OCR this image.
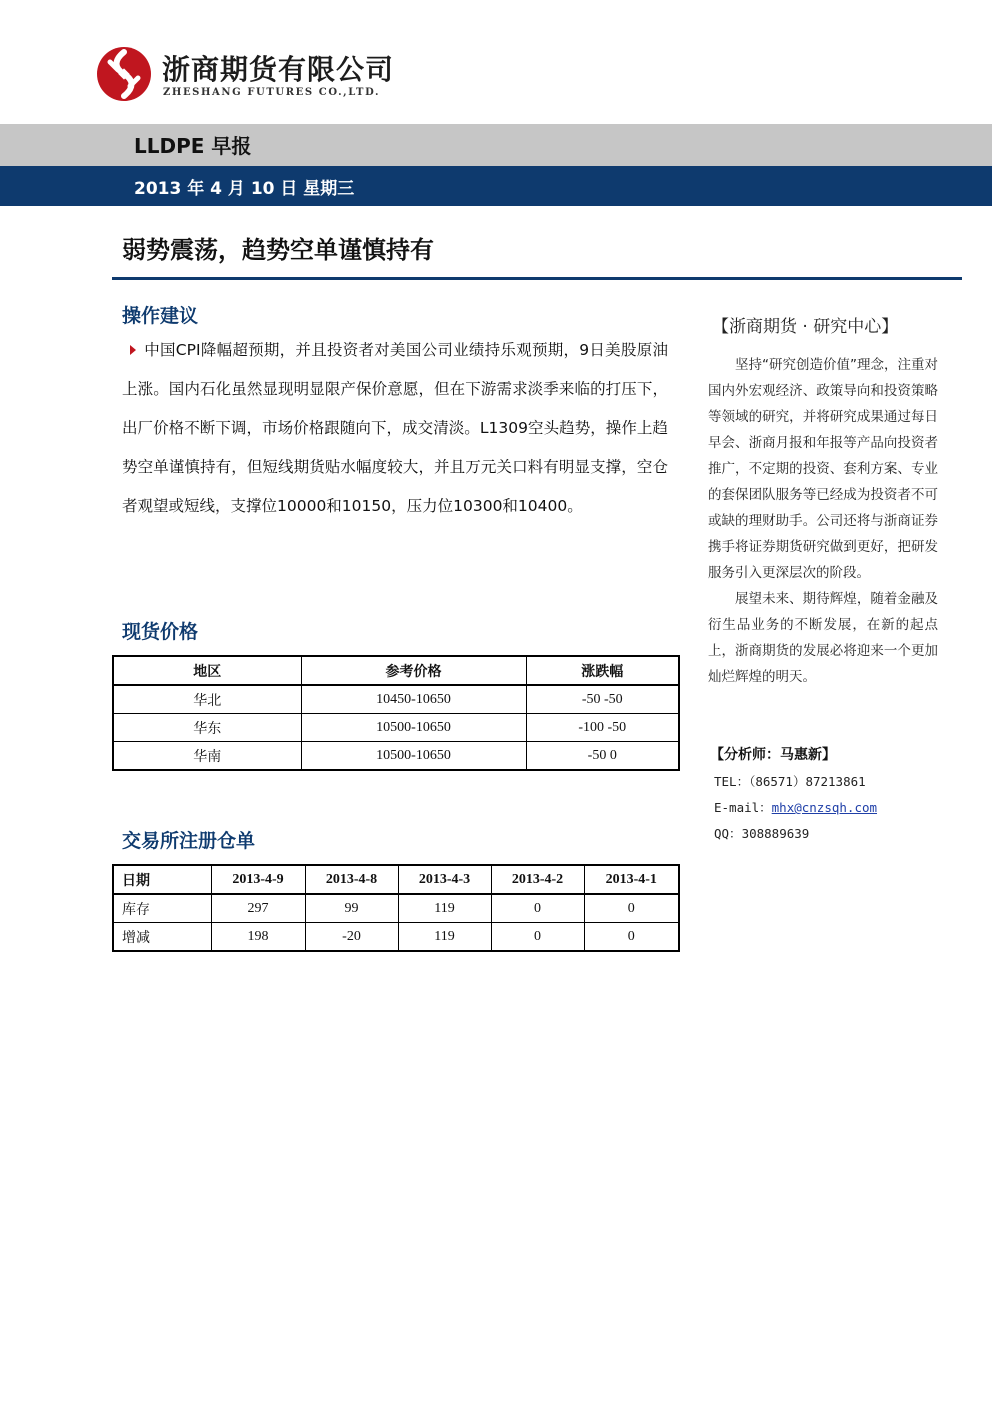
浙商期货有限公司
ZHESHANG FUTURES CO.,LTD.
LLDPE 早报
2013 年 4 月 10 日 星期三
弱势震荡，趋势空单谨慎持有
操作建议
中国CPI降幅超预期，并且投资者对美国公司业绩持乐观预期，9日美股原油上涨。国内石化虽然显现明显限产保价意愿，但在下游需求淡季来临的打压下，出厂价格不断下调，市场价格跟随向下，成交清淡。L1309空头趋势，操作上趋势空单谨慎持有，但短线期货贴水幅度较大，并且万元关口料有明显支撑，空仓者观望或短线，支撑位10000和10150，压力位10300和10400。
现货价格
地区	参考价格	涨跌幅
华北	10450-10650	-50 -50
华东	10500-10650	-100 -50
华南	10500-10650	-50 0
交易所注册仓单
日期	2013-4-9	2013-4-8	2013-4-3	2013-4-2	2013-4-1
库存	297	99	119	0	0
增减	198	-20	119	0	0
【浙商期货 · 研究中心】

坚持“研究创造价值”理念，注重对国内外宏观经济、政策导向和投资策略等领域的研究，并将研究成果通过每日早会、浙商月报和年报等产品向投资者推广，不定期的投资、套利方案、专业的套保团队服务等已经成为投资者不可或缺的理财助手。公司还将与浙商证券携手将证券期货研究做到更好，把研发服务引入更深层次的阶段。

展望未来、期待辉煌，随着金融及衍生品业务的不断发展，在新的起点上，浙商期货的发展必将迎来一个更加灿烂辉煌的明天。

【分析师：马惠新】
TEL：（86571）87213861
E-mail：mhx@cnzsqh.com
QQ：308889639
